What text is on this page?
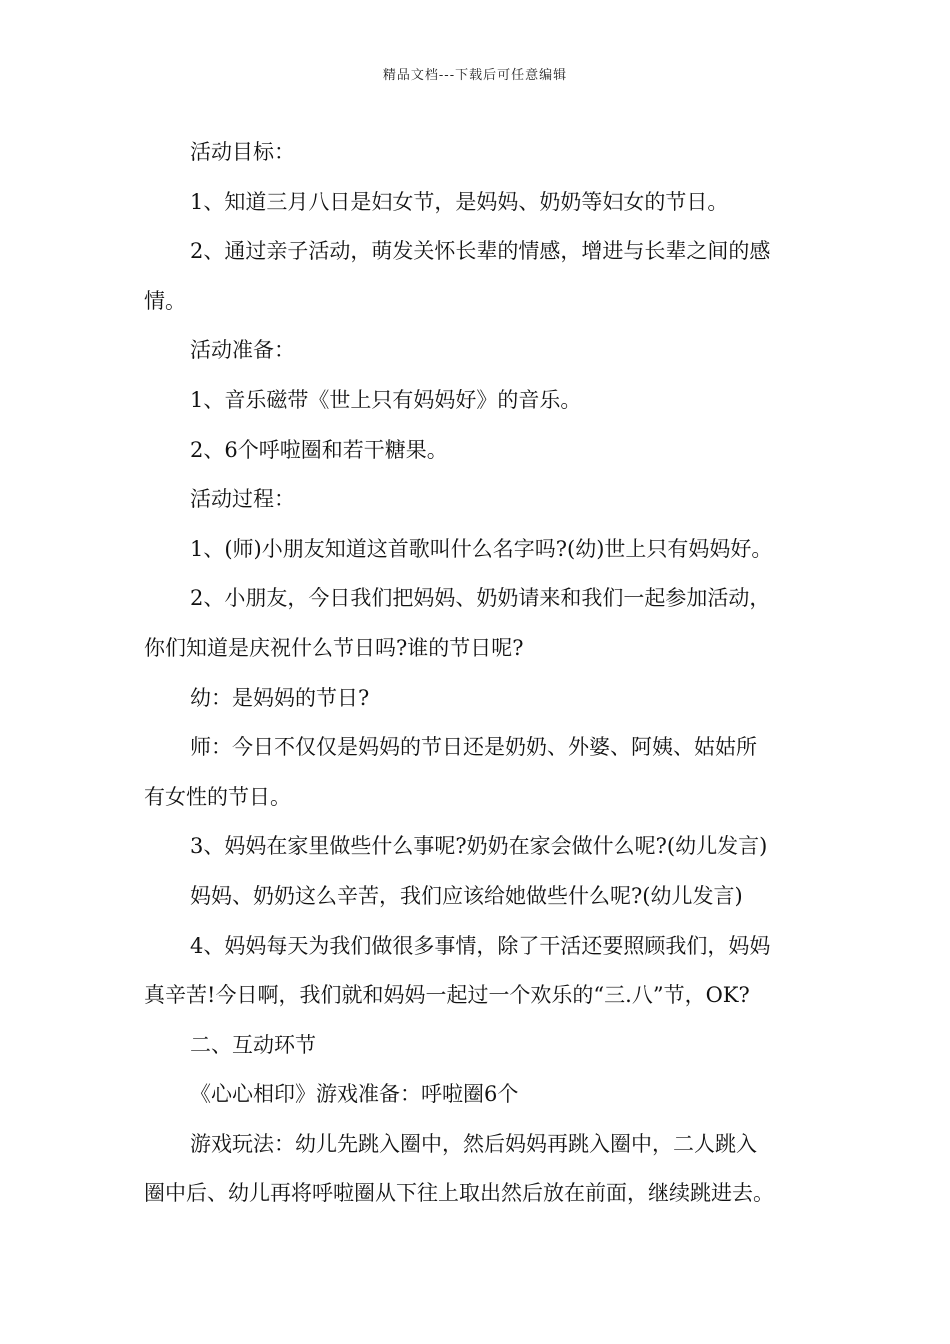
精品文档---下载后可任意编辑
活动目标：
1、知道三月八日是妇女节，是妈妈、奶奶等妇女的节日。
2、通过亲子活动，萌发关怀长辈的情感，增进与长辈之间的感
情。
活动准备：
1、音乐磁带《世上只有妈妈好》的音乐。
2、6个呼啦圈和若干糖果。
活动过程：
1、(师)小朋友知道这首歌叫什么名字吗?(幼)世上只有妈妈好。
2、小朋友，今日我们把妈妈、奶奶请来和我们一起参加活动，
你们知道是庆祝什么节日吗?谁的节日呢?
幼：是妈妈的节日?
师：今日不仅仅是妈妈的节日还是奶奶、外婆、阿姨、姑姑所
有女性的节日。
3、妈妈在家里做些什么事呢?奶奶在家会做什么呢?(幼儿发言)
妈妈、奶奶这么辛苦，我们应该给她做些什么呢?(幼儿发言)
4、妈妈每天为我们做很多事情，除了干活还要照顾我们，妈妈
真辛苦!今日啊，我们就和妈妈一起过一个欢乐的“三.八”节，OK?
二、互动环节
《心心相印》游戏准备：呼啦圈6个
游戏玩法：幼儿先跳入圈中，然后妈妈再跳入圈中，二人跳入
圈中后、幼儿再将呼啦圈从下往上取出然后放在前面，继续跳进去。
